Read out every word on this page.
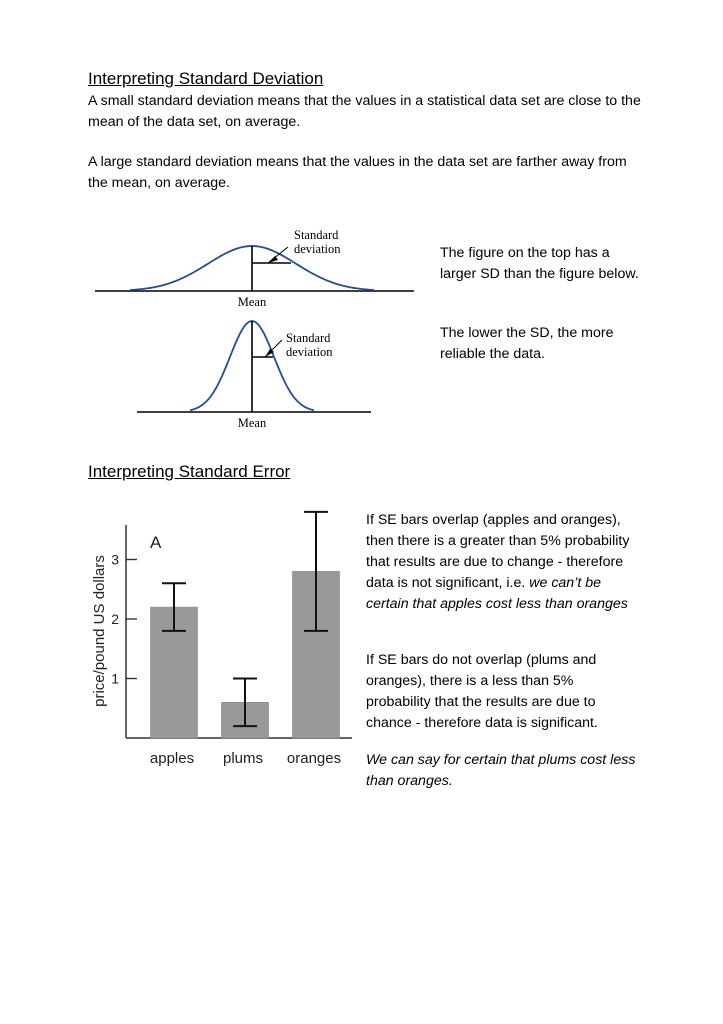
Interpreting Standard Deviation

A small standard deviation means that the values in a statistical data set are close to the mean of the data set, on average.

A large standard deviation means that the values in the data set are farther away from the mean, on average.

Standard
deviation
Mean
Standard
deviation
Mean

The figure on the top has a larger SD than the figure below.

The lower the SD, the more reliable the data.

Interpreting Standard Error
1
2
3
apples plums oranges
A
price/pound US dollars

If SE bars overlap (apples and oranges), then there is a greater than 5% probability that results are due to change - therefore data is not significant, i.e. we can’t be certain that apples cost less than oranges

If SE bars do not overlap (plums and oranges), there is a less than 5% probability that the results are due to chance - therefore data is significant.

We can say for certain that plums cost less than oranges.
